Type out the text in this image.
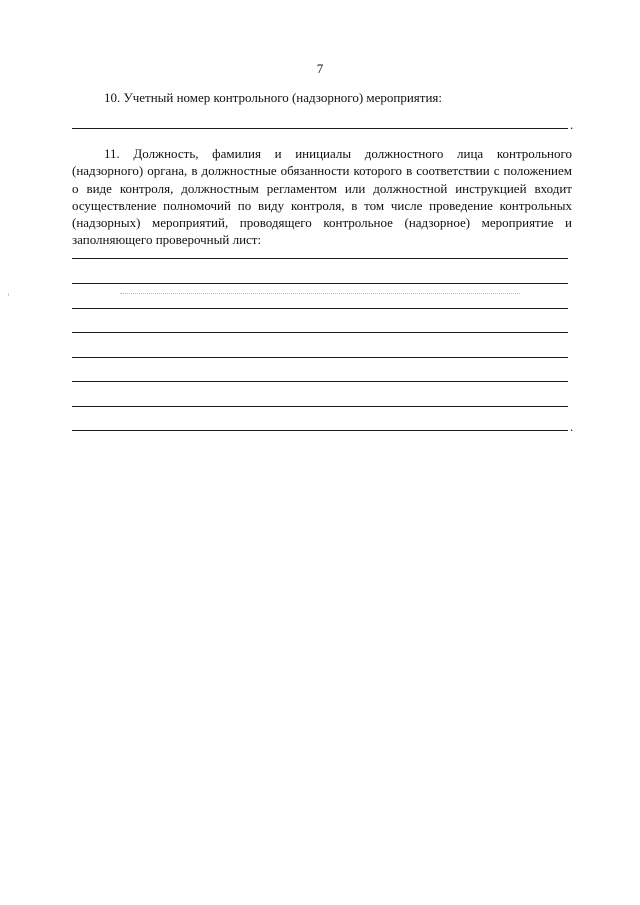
7
10. Учетный номер контрольного (надзорного) мероприятия:
.

11. Должность, фамилия и инициалы должностного лица контрольного (надзорного) органа, в должностные обязанности которого в соответствии с положением о виде контроля, должностным регламентом или должностной инструкцией входит осуществление полномочий по виду контроля, в том числе проведение контрольных (надзорных) мероприятий, проводящего контрольное (надзорное) мероприятие и заполняющего проверочный лист:

.
